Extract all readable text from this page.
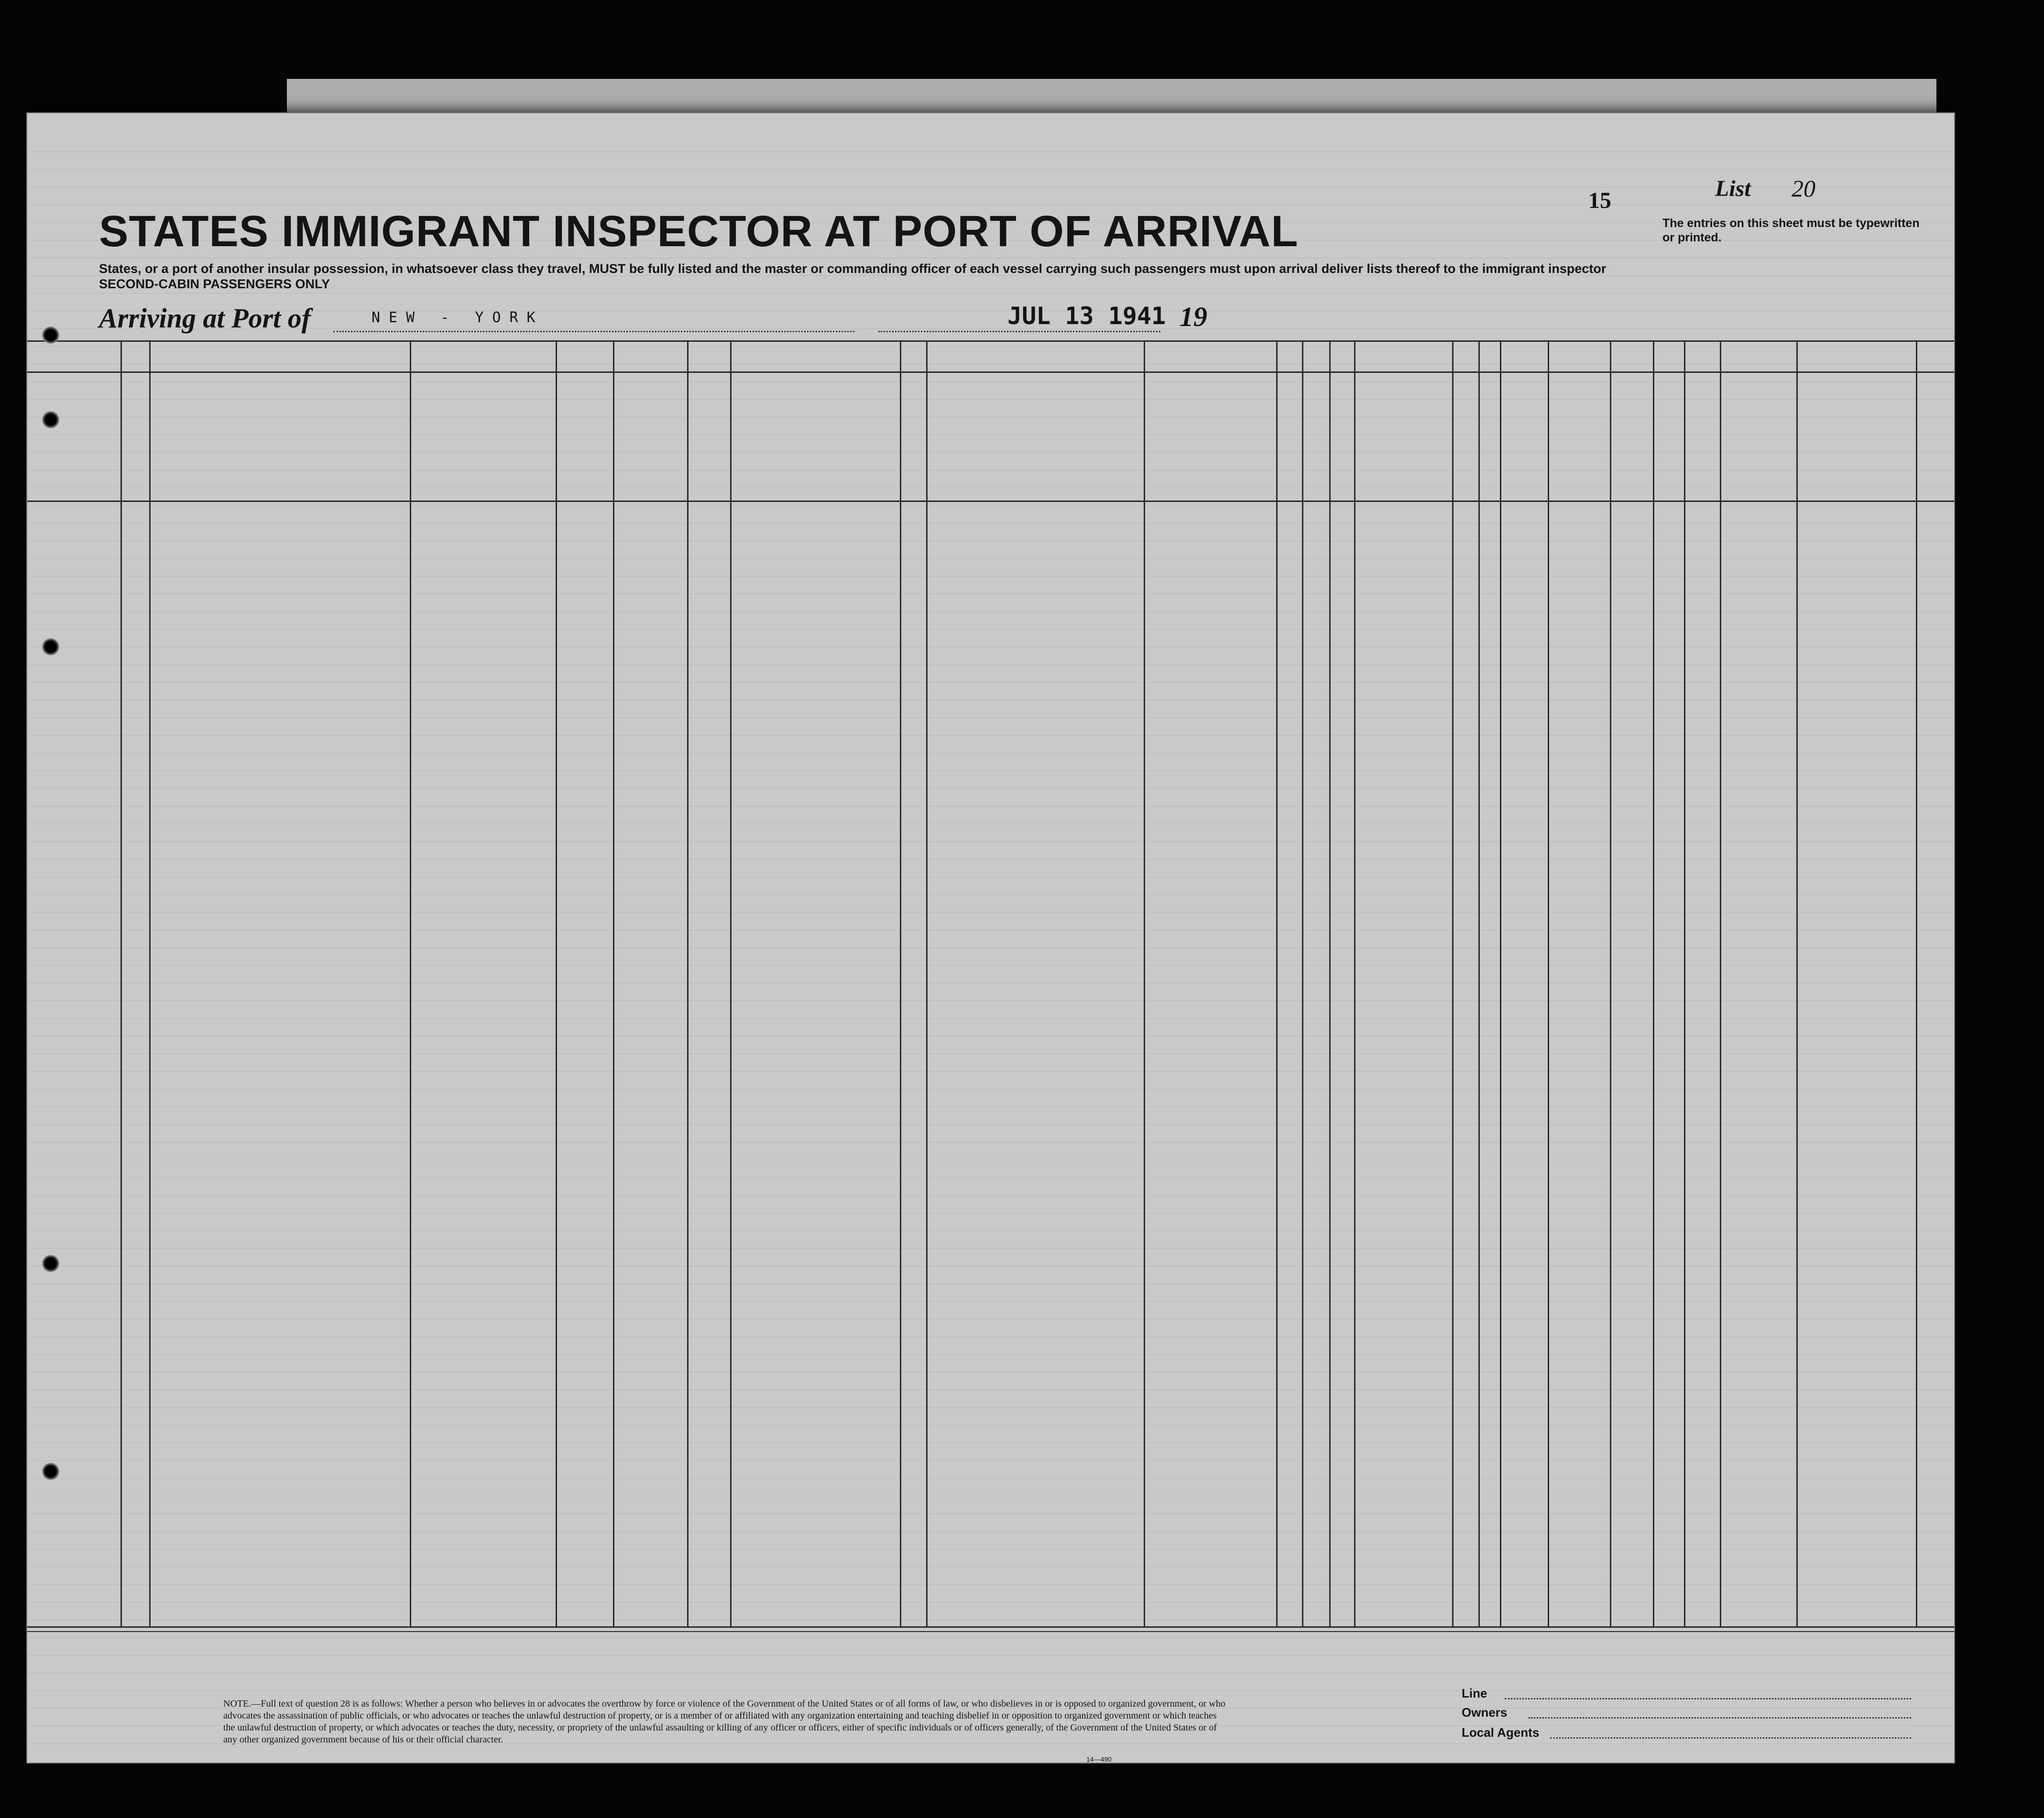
15	List 20
The entries on this sheet must be typewritten or printed.
STATES IMMIGRANT INSPECTOR AT PORT OF ARRIVAL
States, or a port of another insular possession, in whatsoever class they travel, MUST be fully listed and the master or commanding officer of each vessel carrying such passengers must upon arrival deliver lists thereof to the immigrant inspector
SECOND-CABIN PASSENGERS ONLY
Arriving at Port of	NEW - YORK	JUL 13 1941 19
NOTE.—Full text of question 28 is as follows: Whether a person who believes in or advocates the overthrow by force or violence of the Government of the United States or of all forms of law, or who disbelieves in or is opposed to organized government, or who advocates the assassination of public officials, or who advocates or teaches the unlawful destruction of property, or is a member of or affiliated with any organization entertaining and teaching disbelief in or opposition to organized government or which teaches the unlawful destruction of property, or which advocates or teaches the duty, necessity, or propriety of the unlawful assaulting or killing of any officer or officers, either of specific individuals or of officers generally, of the Government of the United States or of any other organized government because of his or their official character.
14—490
Line
Owners
Local Agents
